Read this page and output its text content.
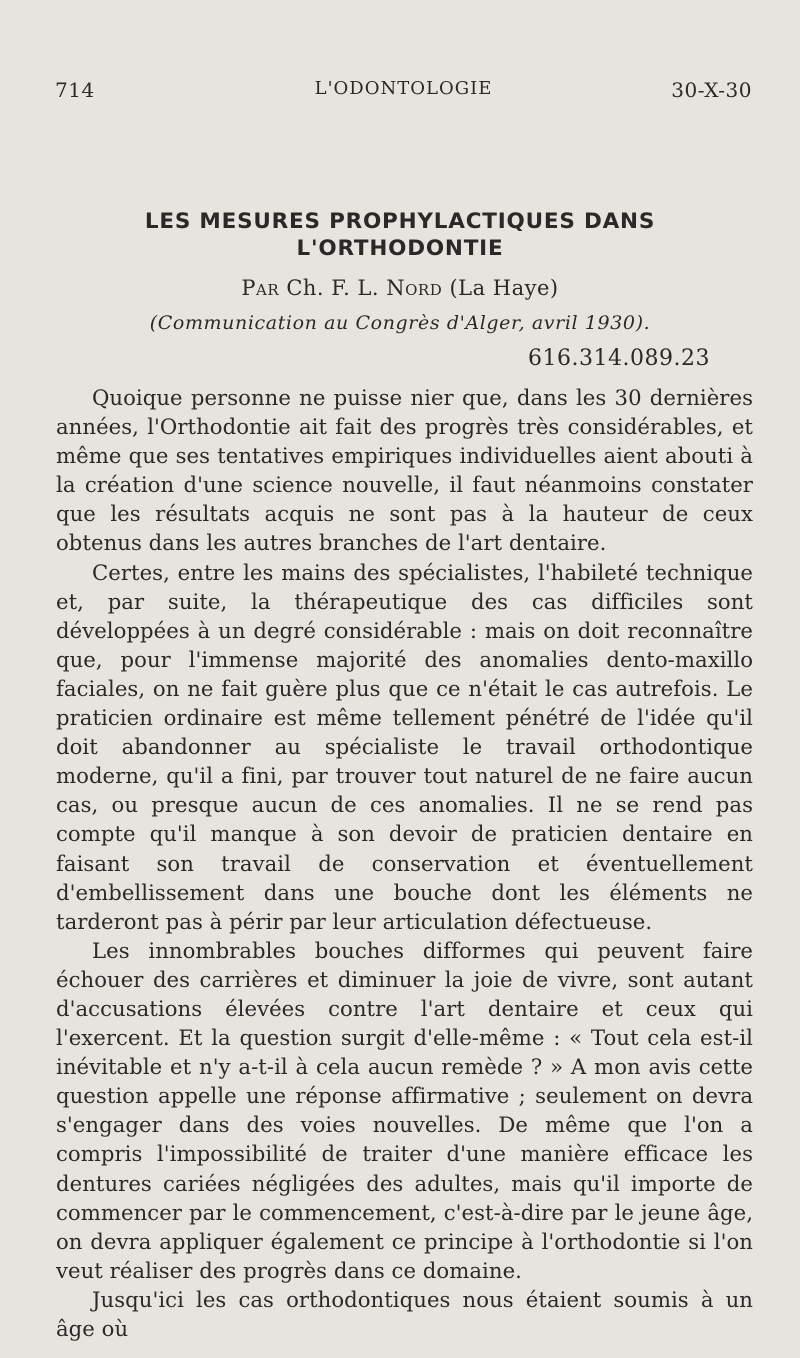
714	L'ODONTOLOGIE	30-X-30
LES MESURES PROPHYLACTIQUES DANS
L'ORTHODONTIE
Par Ch. F. L. Nord (La Haye)
(Communication au Congrès d'Alger, avril 1930).
616.314.089.23

Quoique personne ne puisse nier que, dans les 30 dernières années, l'Orthodontie ait fait des progrès très considérables, et même que ses tentatives empiriques individuelles aient abouti à la création d'une science nouvelle, il faut néanmoins constater que les résultats acquis ne sont pas à la hauteur de ceux obtenus dans les autres branches de l'art dentaire.

Certes, entre les mains des spécialistes, l'habileté technique et, par suite, la thérapeutique des cas difficiles sont développées à un degré considérable : mais on doit reconnaître que, pour l'immense majorité des anomalies dento-maxillo faciales, on ne fait guère plus que ce n'était le cas autrefois. Le praticien ordinaire est même tellement pénétré de l'idée qu'il doit abandonner au spécialiste le travail orthodontique moderne, qu'il a fini, par trouver tout naturel de ne faire aucun cas, ou presque aucun de ces anomalies. Il ne se rend pas compte qu'il manque à son devoir de praticien dentaire en faisant son travail de conservation et éventuellement d'embellissement dans une bouche dont les éléments ne tarderont pas à périr par leur articulation défectueuse.

Les innombrables bouches difformes qui peuvent faire échouer des carrières et diminuer la joie de vivre, sont autant d'accusations élevées contre l'art dentaire et ceux qui l'exercent. Et la question surgit d'elle-même : « Tout cela est-il inévitable et n'y a-t-il à cela aucun remède ? » A mon avis cette question appelle une réponse affirmative ; seulement on devra s'engager dans des voies nouvelles. De même que l'on a compris l'impossibilité de traiter d'une manière efficace les dentures cariées négligées des adultes, mais qu'il importe de commencer par le commencement, c'est-à-dire par le jeune âge, on devra appliquer également ce principe à l'orthodontie si l'on veut réaliser des progrès dans ce domaine.

Jusqu'ici les cas orthodontiques nous étaient soumis à un âge où
